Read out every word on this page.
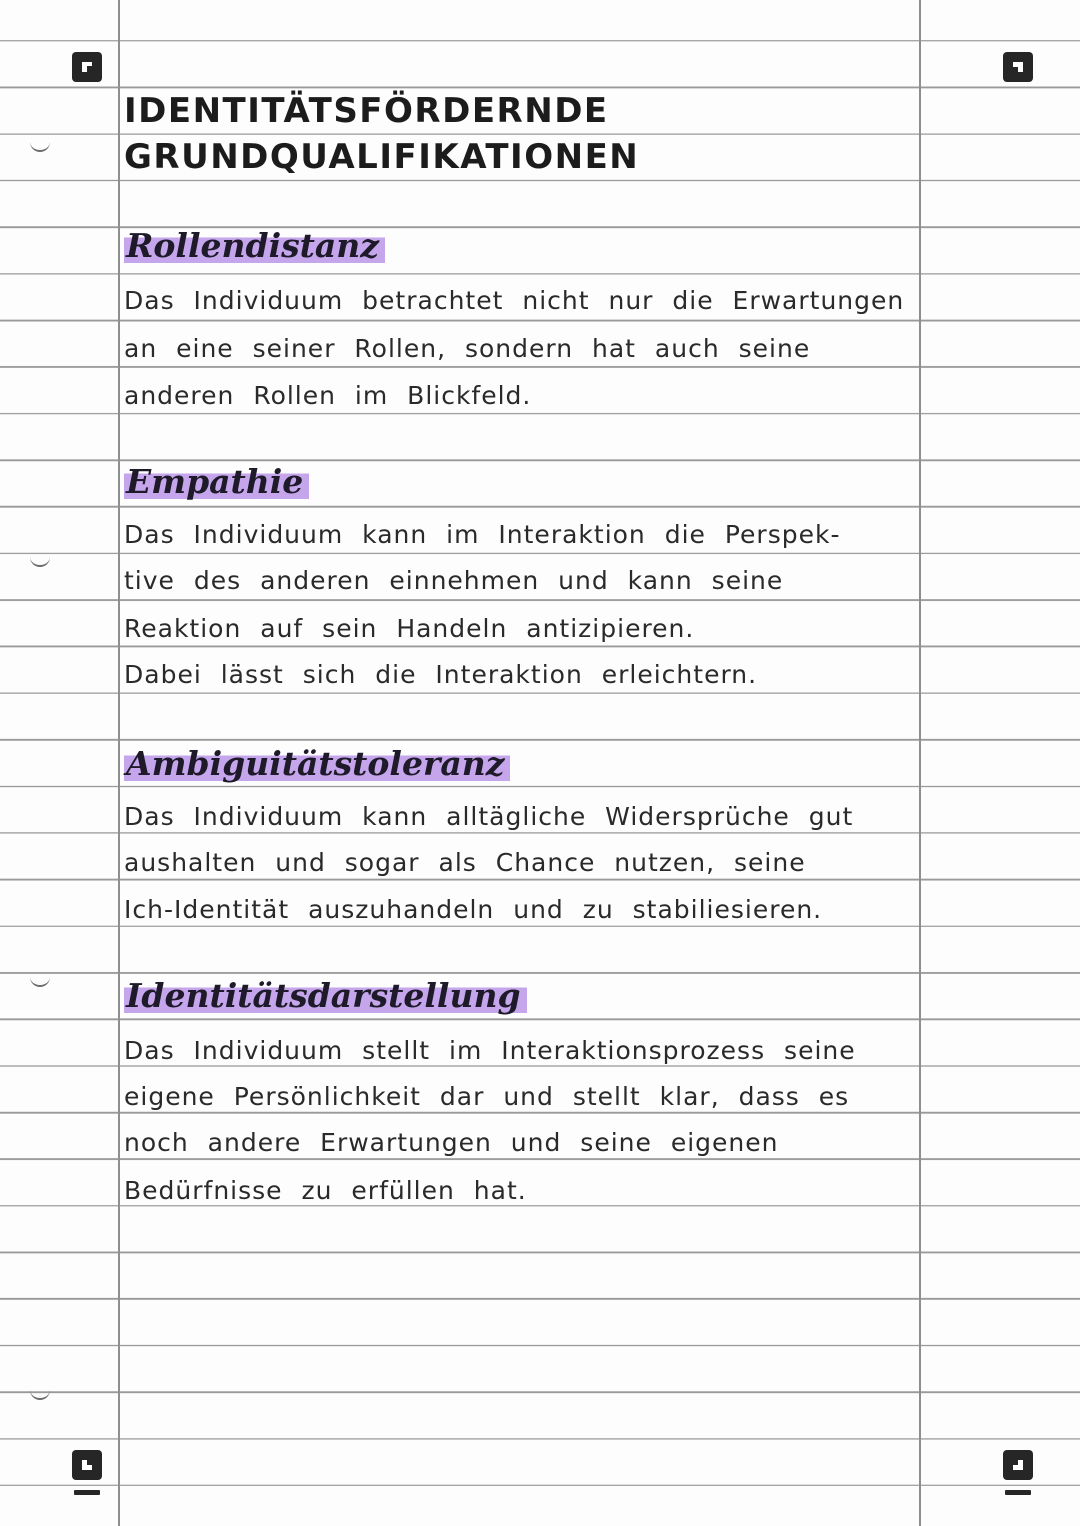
IDENTITÄTSFÖRDERNDE
GRUNDQUALIFIKATIONEN
Rollendistanz
Das Individuum betrachtet nicht nur die Erwartungen
an eine seiner Rollen, sondern hat auch seine
anderen Rollen im Blickfeld.
Empathie
Das Individuum kann im Interaktion die Perspek-
tive des anderen einnehmen und kann seine
Reaktion auf sein Handeln antizipieren.
Dabei lässt sich die Interaktion erleichtern.
Ambiguitätstoleranz
Das Individuum kann alltägliche Widersprüche gut
aushalten und sogar als Chance nutzen, seine
Ich-Identität auszuhandeln und zu stabiliesieren.
Identitätsdarstellung
Das Individuum stellt im Interaktionsprozess seine
eigene Persönlichkeit dar und stellt klar, dass es
noch andere Erwartungen und seine eigenen
Bedürfnisse zu erfüllen hat.
